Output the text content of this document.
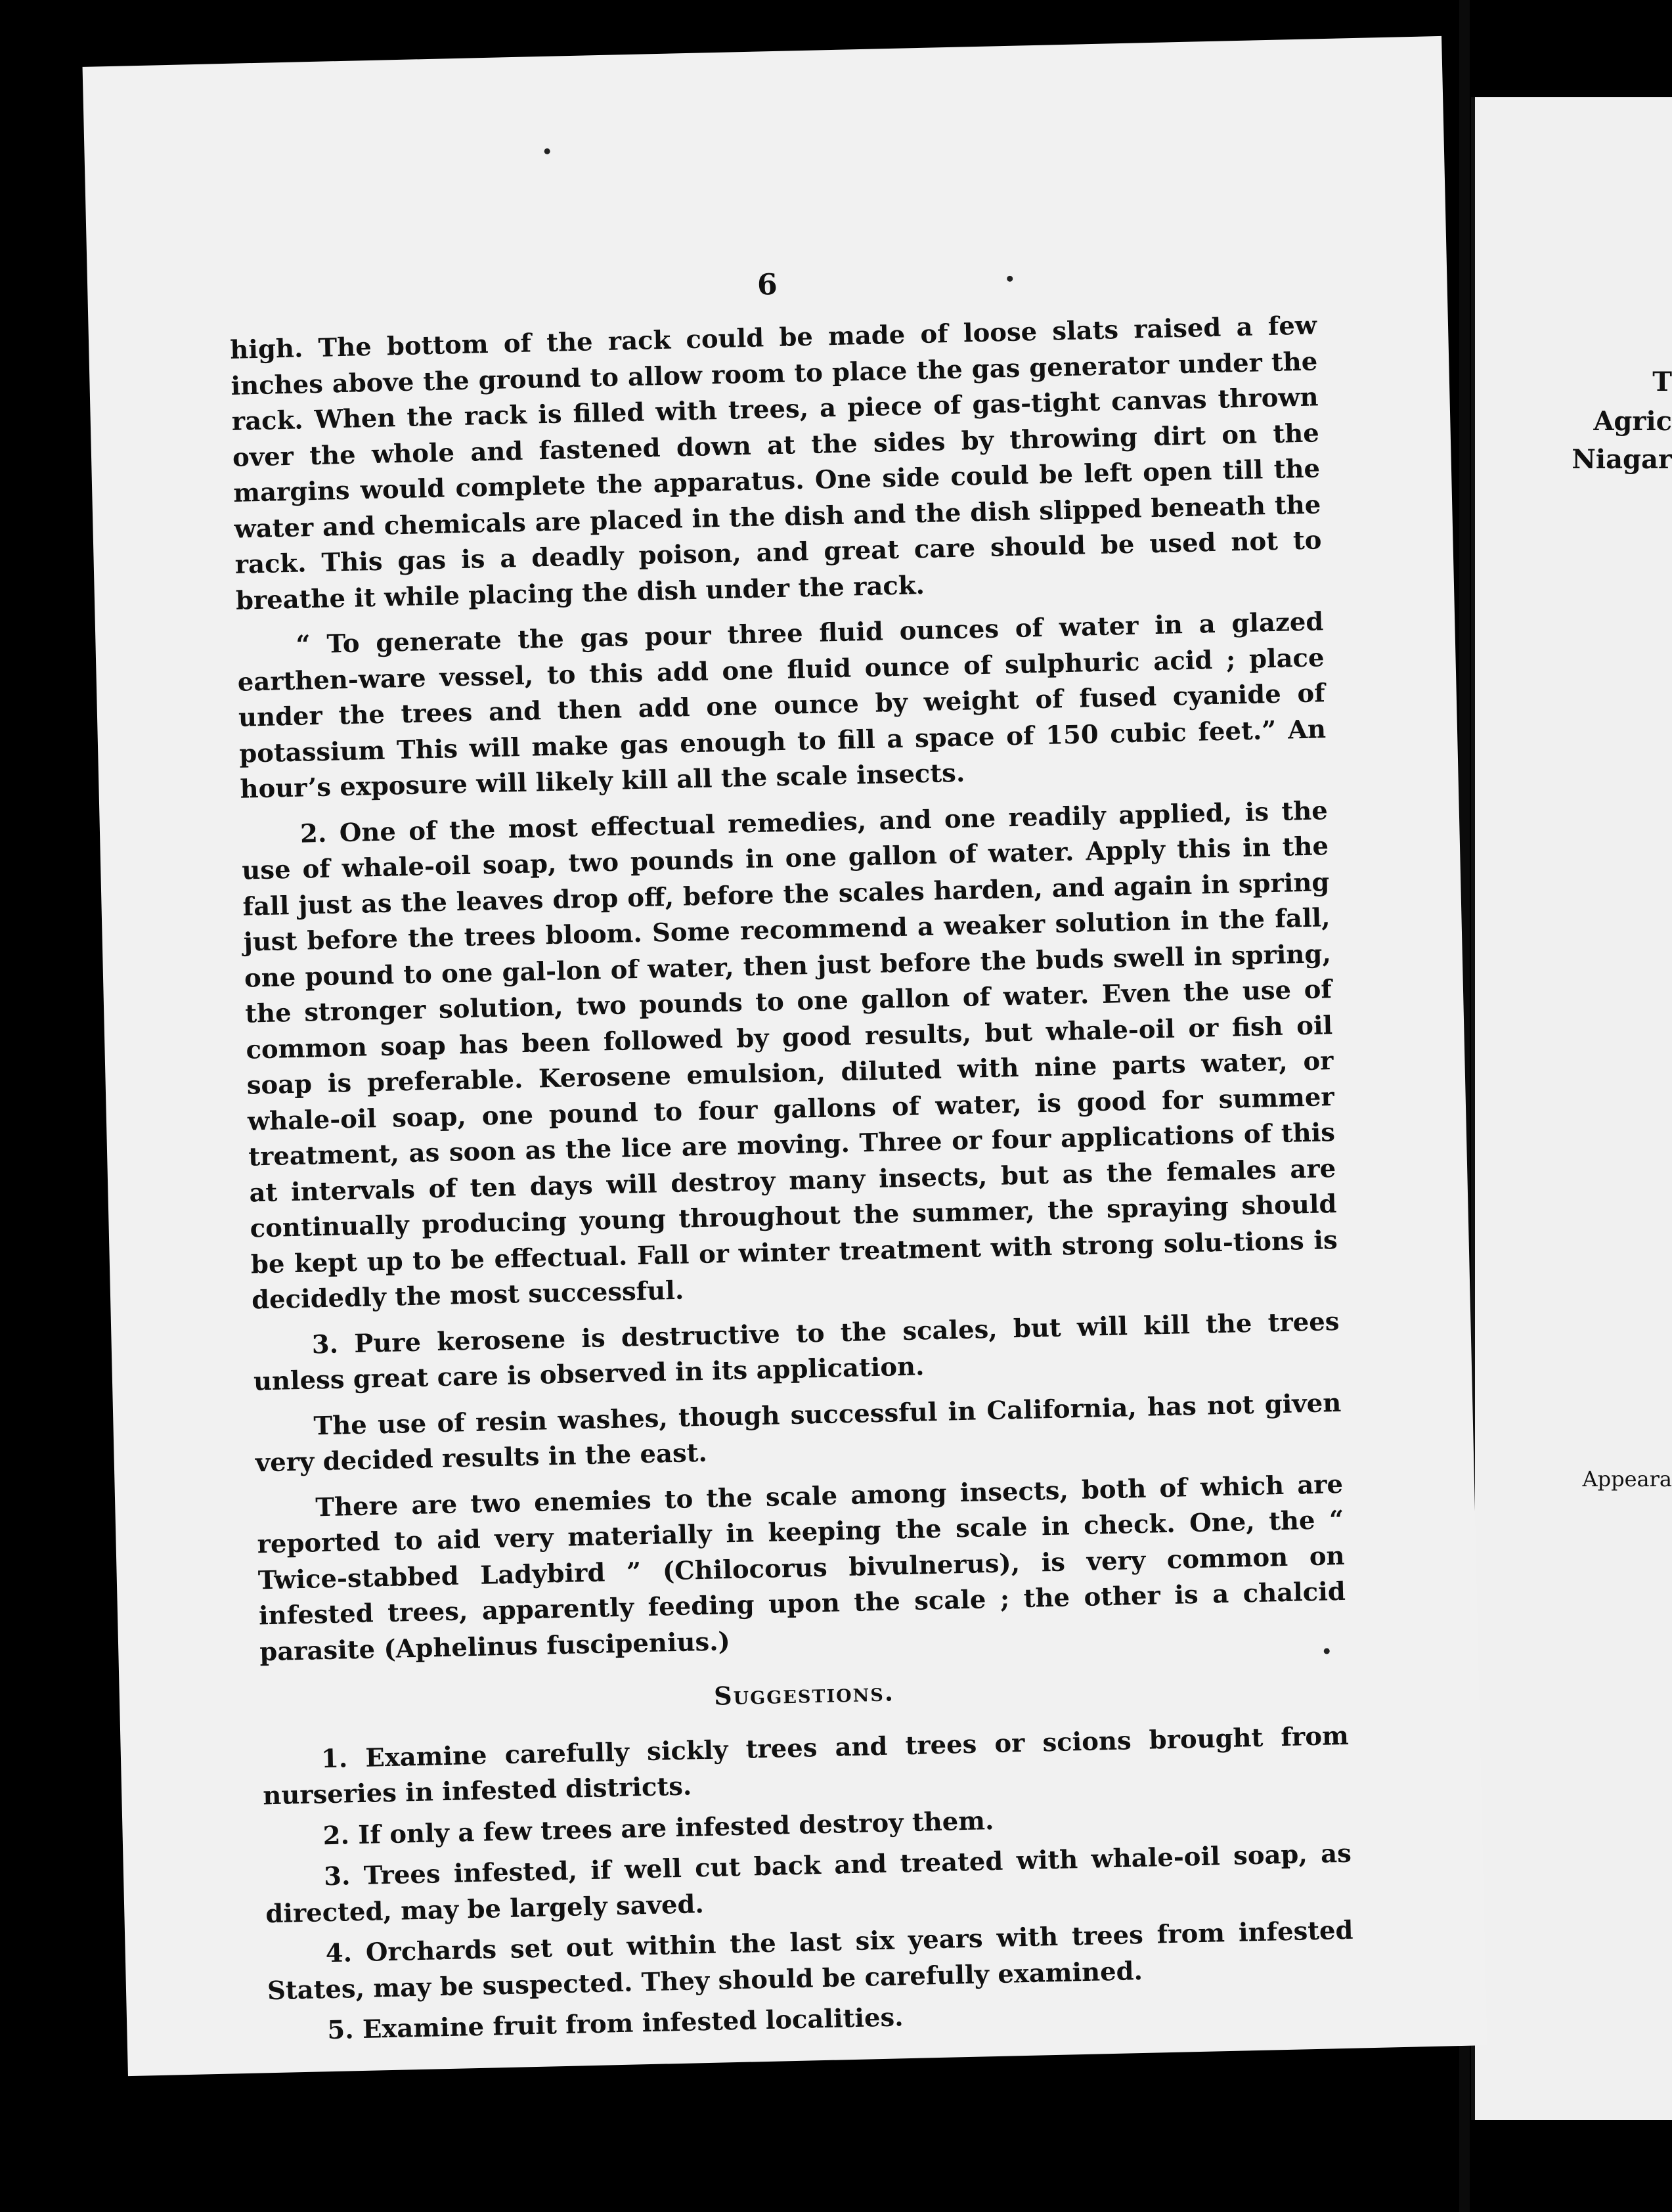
T
Agric
Niagar
Appeara
6

high. The bottom of the rack could be made of loose slats raised a few inches above the ground to allow room to place the gas generator under the rack. When the rack is filled with trees, a piece of gas-tight canvas thrown over the whole and fastened down at the sides by throwing dirt on the margins would complete the apparatus. One side could be left open till the water and chemicals are placed in the dish and the dish slipped beneath the rack. This gas is a deadly poison, and great care should be used not to breathe it while placing the dish under the rack.

“ To generate the gas pour three fluid ounces of water in a glazed earthen-ware vessel, to this add one fluid ounce of sulphuric acid ; place under the trees and then add one ounce by weight of fused cyanide of potassium This will make gas enough to fill a space of 150 cubic feet.” An hour’s exposure will likely kill all the scale insects.

2. One of the most effectual remedies, and one readily applied, is the use of whale-oil soap, two pounds in one gallon of water. Apply this in the fall just as the leaves drop off, before the scales harden, and again in spring just before the trees bloom. Some recommend a weaker solution in the fall, one pound to one gal-lon of water, then just before the buds swell in spring, the stronger solution, two pounds to one gallon of water. Even the use of common soap has been followed by good results, but whale-oil or fish oil soap is preferable. Kerosene emulsion, diluted with nine parts water, or whale-oil soap, one pound to four gallons of water, is good for summer treatment, as soon as the lice are moving. Three or four applications of this at intervals of ten days will destroy many insects, but as the females are continually producing young throughout the summer, the spraying should be kept up to be effectual. Fall or winter treatment with strong solu-tions is decidedly the most successful.

3. Pure kerosene is destructive to the scales, but will kill the trees unless great care is observed in its application.

The use of resin washes, though successful in California, has not given very decided results in the east.

There are two enemies to the scale among insects, both of which are reported to aid very materially in keeping the scale in check. One, the “ Twice-stabbed Ladybird ” (Chilocorus bivulnerus), is very common on infested trees, apparently feeding upon the scale ; the other is a chalcid parasite (Aphelinus fuscipenius.)

Suggestions.

1. Examine carefully sickly trees and trees or scions brought from nurseries in infested districts.

2. If only a few trees are infested destroy them.

3. Trees infested, if well cut back and treated with whale-oil soap, as directed, may be largely saved.

4. Orchards set out within the last six years with trees from infested States, may be suspected. They should be carefully examined.

5. Examine fruit from infested localities.
